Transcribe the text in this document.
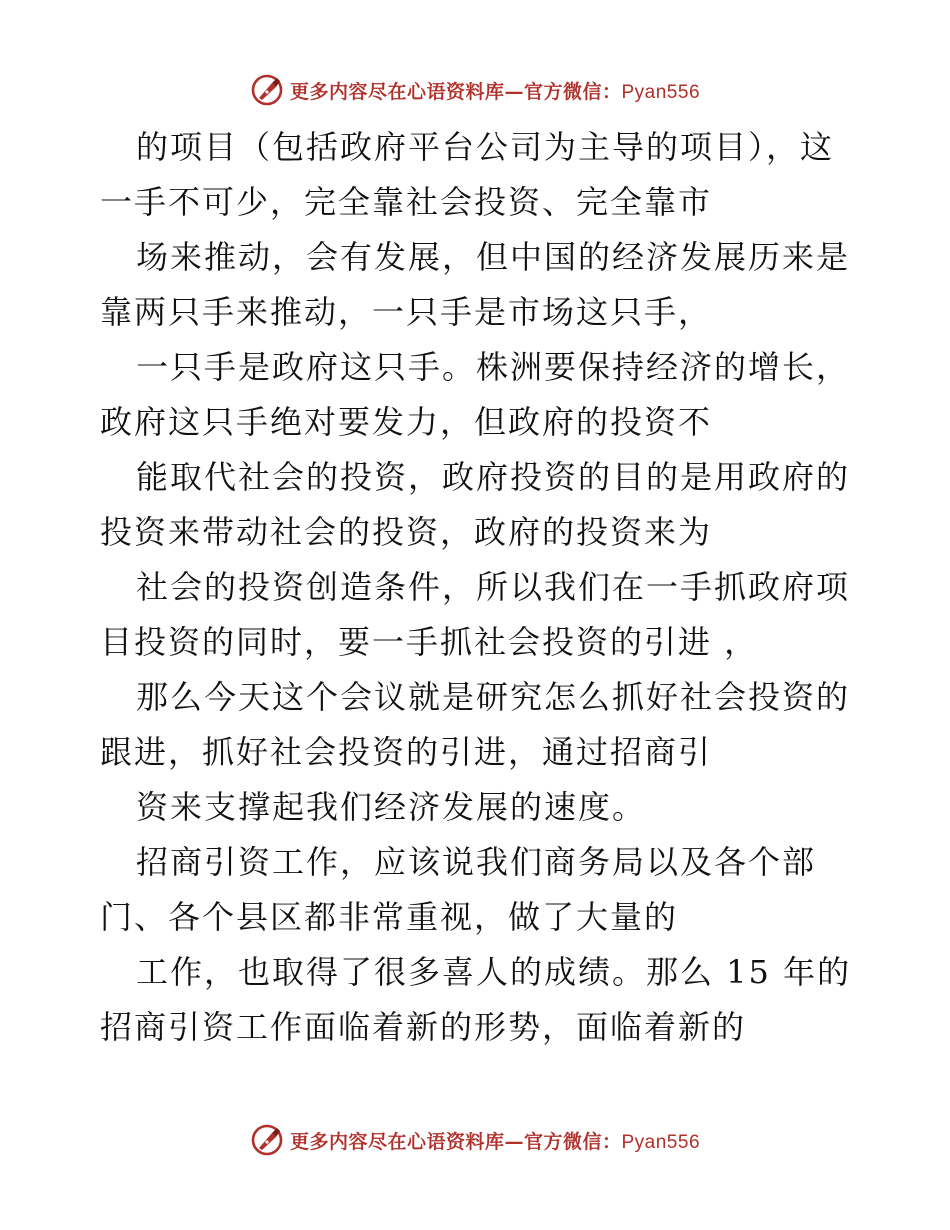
更多内容尽在心语资料库—官方微信：Pyan556
的项目（包括政府平台公司为主导的项目），这
一手不可少，完全靠社会投资、完全靠市
场来推动，会有发展，但中国的经济发展历来是
靠两只手来推动，一只手是市场这只手，
一只手是政府这只手。株洲要保持经济的增长，
政府这只手绝对要发力，但政府的投资不
能取代社会的投资，政府投资的目的是用政府的
投资来带动社会的投资，政府的投资来为
社会的投资创造条件，所以我们在一手抓政府项
目投资的同时，要一手抓社会投资的引进 ，
那么今天这个会议就是研究怎么抓好社会投资的
跟进，抓好社会投资的引进，通过招商引
资来支撑起我们经济发展的速度。
招商引资工作，应该说我们商务局以及各个部
门、各个县区都非常重视，做了大量的
工作，也取得了很多喜人的成绩。那么 15 年的
招商引资工作面临着新的形势，面临着新的
更多内容尽在心语资料库—官方微信：Pyan556
